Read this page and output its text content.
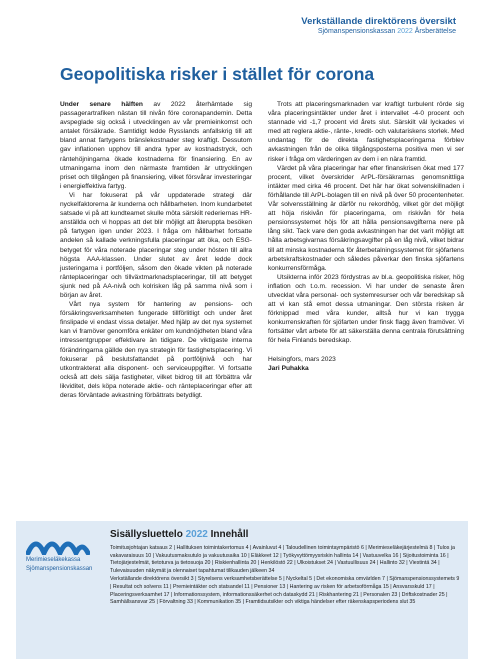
Verkställande direktörens översikt
Sjömanspensionskassan 2022 Årsberättelse
Geopolitiska risker i stället för corona

Under senare hälften av 2022 återhämtade sig passagerartrafiken nästan till nivån före coronapandemin. Detta avspeglade sig också i utvecklingen av vår premieinkomst och antalet försäkrade. Samtidigt ledde Rysslands anfallskrig till att bland annat fartygens bränslekostnader steg kraftigt. Dessutom gav inflationen upphov till andra typer av kostnadstryck, och räntehöjningarna ökade kostnaderna för finansiering. En av utmaningarna inom den närmaste framtiden är uttrycklingen priset och tillgången på finansiering, vilket försvårar investeringar i energieffektiva fartyg.

Vi har fokuserat på vår uppdaterade strategi där nyckelfaktorerna är kunderna och hållbarheten. Inom kundarbetet satsade vi på att kundteamet skulle möta särskilt rederiernas HR-anställda och vi hoppas att det blir möjligt att återuppta besöken på fartygen igen under 2023. I fråga om hållbarhet fortsatte andelen så kallade verkningsfulla placeringar att öka, och ESG-betyget för våra noterade placeringar steg under hösten till allra högsta AAA-klassen. Under slutet av året ledde dock justeringarna i portföljen, såsom den ökade vikten på noterade ränteplaceringar och tillväxtmarknadsplaceringar, till att betyget sjunk ned på AA-nivå och kolrisken låg på samma nivå som i början av året.

Vårt nya system för hantering av pensions- och försäkringsverksamheten fungerade tillförlitligt och under året finslipade vi endast vissa detaljer. Med hjälp av det nya systemet kan vi framöver genomföra enkäter om kundnöjdheten bland våra intressentgrupper effektivare än tidigare. De viktigaste interna förändringarna gällde den nya strategin för fastighetsplacering. Vi fokuserar på beslutsfattandet på portföljnivå och har utkontrakterat alla disponent- och serviceuppgifter. Vi fortsatte också att dels sälja fastigheter, vilket bidrog till att förbättra vår likviditet, dels köpa noterade aktie- och ränteplaceringar efter att deras förväntade avkastning förbättrats betydligt.

Trots att placeringsmarknaden var kraftigt turbulent rörde sig våra placeringsintäkter under året i intervallet -4-0 procent och stannade vid -1,7 procent vid årets slut. Särskilt väl lyckades vi med att reglera aktie-, ränte-, kredit- och valutariskens storlek. Med undantag för de direkta fastighetsplaceringarna förblev avkastningen från de olika tillgångsposterna positiva men vi ser risker i fråga om värderingen av dem i en nära framtid.

Värdet på våra placeringar har efter finanskrisen ökat med 177 procent, vilket överskrider ArPL-försäkrarnas genomsnittliga intäkter med cirka 46 procent. Det här har ökat solvenskillnaden i förhållande till ArPL-bolagen till en nivå på över 50 procentenheter. Vår solvensställning är därför nu rekordhög, vilket gör det möjligt att höja riskivån för placeringarna, om riskivån för hela pensionssystemet höjs för att hålla pensionsavgifterna nere på lång sikt. Tack vare den goda avkastningen har det varit möjligt att hålla arbetsgivarnas försäkringsavgifter på en låg nivå, vilket bidrar till att minska kostnaderna för återbetalningssystemet för sjöfartens arbetskraftskostnader och således påverkar den finska sjöfartens konkurrensförmåga.

Utsikterna inför 2023 fördystras av bl.a. geopolitiska risker, hög inflation och t.o.m. recession. Vi har under de senaste åren utvecklat våra personal- och systemresurser och vår beredskap så att vi kan stå emot dessa utmaningar. Den största risken är förknippad med våra kunder, alltså hur vi kan trygga konkurrenskraften för sjöfarten under finsk flagg även framöver. Vi fortsätter vårt arbete för att säkerställa denna centrala förutsättning för hela Finlands beredskap.

Helsingfors, mars 2023

Jari Puhakka

Merimieseläkekassa
Sjömanspensionskassan
Sisällysluettelo 2022 Innehåll

Toimitusjohtajan katsaus 2 | Hallituksen toimintakertomus 4 | Avainluvut 4 | Taloudellinen toimintaympäristö 6 | Merimieseläkejärjestelmä 8 | Tulos ja vakavaraisuus 10 | Vakuutusmaksutulo ja vakuutusaika 10 | Eläkkeet 12 | Työkyvyttömyysriskin hallinta 14 | Vastuuvelka 16 | Sijoitustoiminta 16 | Tietojärjestelmät, tietoturva ja tietosuoja 20 | Riskienhallinta 20 | Henkilöstö 22 | Ulkoistukset 24 | Vastuullisuus 24 | Hallinto 32 | Viestintä 34 | Tulevaisuuden näkymät ja olennaiset tapahtumat tilikauden jälkeen 34

Verkställande direktörens översikt 3 | Styrelsens verksamhetsberättelse 5 | Nyckeltal 5 | Det ekonomiska omvärlden 7 | Sjömanspensionssystemets 9 | Resultat och solvens 11 | Premieintäkter och statsandel 11 | Pensioner 13 | Hantering av risken för arbetsoförmåga 15 | Ansvarsskuld 17 | Placeringsverksamhet 17 | Informationssystem, informationssäkerhet och dataskydd 21 | Riskhantering 21 | Personalen 23 | Driftskostnader 25 | Samhällsansvar 25 | Förvaltning 33 | Kommunikation 35 | Framtidsutsikter och viktiga händelser efter räkenskapsperiodens slut 35
